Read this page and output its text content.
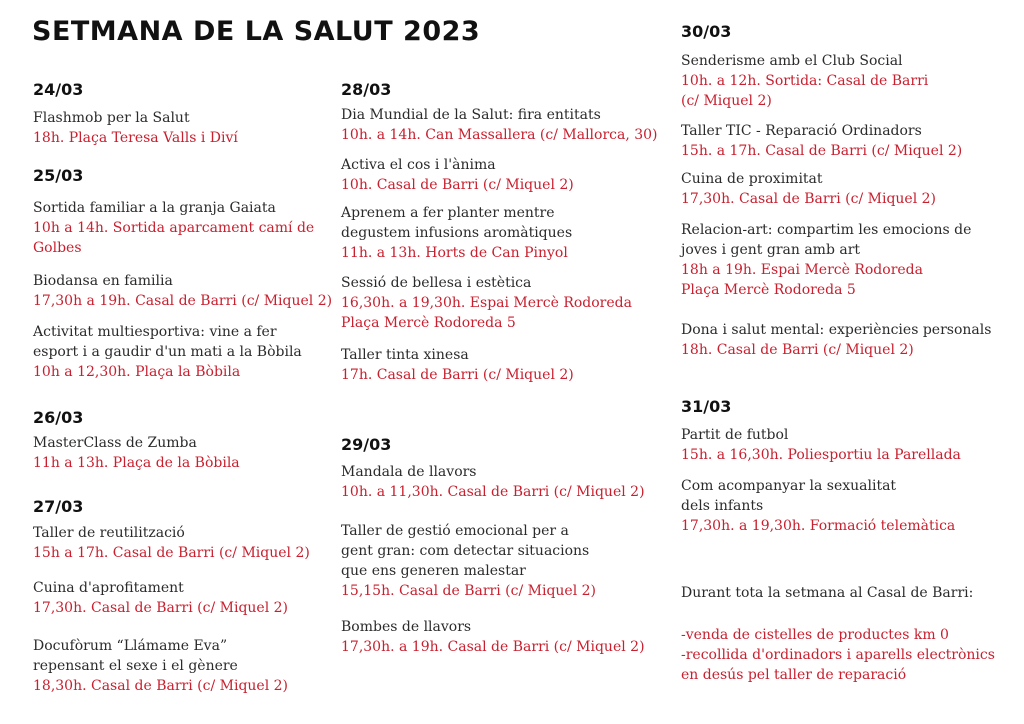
SETMANA DE LA SALUT 2023
24/03
Flashmob per la Salut
18h. Plaça Teresa Valls i Diví
25/03
Sortida familiar a la granja Gaiata
10h a 14h. Sortida aparcament camí de
Golbes
Biodansa en familia
17,30h a 19h. Casal de Barri (c/ Miquel 2)
Activitat multiesportiva: vine a fer
esport i a gaudir d'un mati a la Bòbila
10h a 12,30h. Plaça la Bòbila
26/03
MasterClass de Zumba
11h a 13h. Plaça de la Bòbila
27/03
Taller de reutilització
15h a 17h. Casal de Barri (c/ Miquel 2)
Cuina d'aprofitament
17,30h. Casal de Barri (c/ Miquel 2)
Docufòrum “Llámame Eva”
repensant el sexe i el gènere
18,30h. Casal de Barri (c/ Miquel 2)
28/03
Dia Mundial de la Salut: fira entitats
10h. a 14h. Can Massallera (c/ Mallorca, 30)
Activa el cos i l'ànima
10h. Casal de Barri (c/ Miquel 2)
Aprenem a fer planter mentre
degustem infusions aromàtiques
11h. a 13h. Horts de Can Pinyol
Sessió de bellesa i estètica
16,30h. a 19,30h. Espai Mercè Rodoreda
Plaça Mercè Rodoreda 5
Taller tinta xinesa
17h. Casal de Barri (c/ Miquel 2)
29/03
Mandala de llavors
10h. a 11,30h. Casal de Barri (c/ Miquel 2)
Taller de gestió emocional per a
gent gran: com detectar situacions
que ens generen malestar
15,15h. Casal de Barri (c/ Miquel 2)
Bombes de llavors
17,30h. a 19h. Casal de Barri (c/ Miquel 2)
30/03
Senderisme amb el Club Social
10h. a 12h. Sortida: Casal de Barri
(c/ Miquel 2)
Taller TIC - Reparació Ordinadors
15h. a 17h. Casal de Barri (c/ Miquel 2)
Cuina de proximitat
17,30h. Casal de Barri (c/ Miquel 2)
Relacion-art: compartim les emocions de
joves i gent gran amb art
18h a 19h. Espai Mercè Rodoreda
Plaça Mercè Rodoreda 5
Dona i salut mental: experiències personals
18h. Casal de Barri (c/ Miquel 2)
31/03
Partit de futbol
15h. a 16,30h. Poliesportiu la Parellada
Com acompanyar la sexualitat
dels infants
17,30h. a 19,30h. Formació telemàtica
Durant tota la setmana al Casal de Barri:
-venda de cistelles de productes km 0
-recollida d'ordinadors i aparells electrònics
en desús pel taller de reparació
